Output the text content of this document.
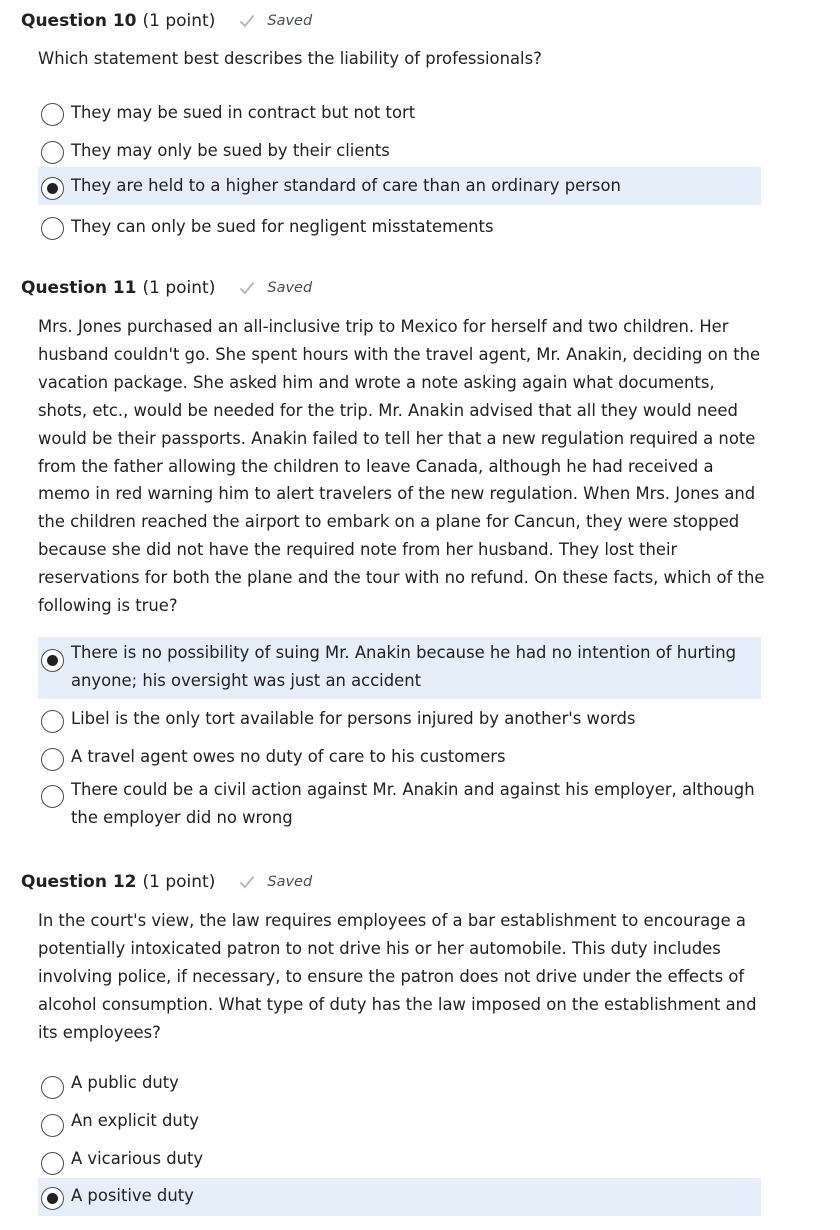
Question 10 (1 point)	Saved

Which statement best describes the liability of professionals?

They may be sued in contract but not tort
They may only be sued by their clients
They are held to a higher standard of care than an ordinary person
They can only be sued for negligent misstatements
Question 11 (1 point)	Saved

Mrs. Jones purchased an all-inclusive trip to Mexico for herself and two children. Her husband couldn't go. She spent hours with the travel agent, Mr. Anakin, deciding on the vacation package. She asked him and wrote a note asking again what documents, shots, etc., would be needed for the trip. Mr. Anakin advised that all they would need would be their passports. Anakin failed to tell her that a new regulation required a note from the father allowing the children to leave Canada, although he had received a memo in red warning him to alert travelers of the new regulation. When Mrs. Jones and the children reached the airport to embark on a plane for Cancun, they were stopped because she did not have the required note from her husband. They lost their reservations for both the plane and the tour with no refund. On these facts, which of the following is true?

There is no possibility of suing Mr. Anakin because he had no intention of hurting anyone; his oversight was just an accident
Libel is the only tort available for persons injured by another's words
A travel agent owes no duty of care to his customers
There could be a civil action against Mr. Anakin and against his employer, although the employer did no wrong
Question 12 (1 point)	Saved

In the court's view, the law requires employees of a bar establishment to encourage a potentially intoxicated patron to not drive his or her automobile. This duty includes involving police, if necessary, to ensure the patron does not drive under the effects of alcohol consumption. What type of duty has the law imposed on the establishment and its employees?

A public duty
An explicit duty
A vicarious duty
A positive duty
